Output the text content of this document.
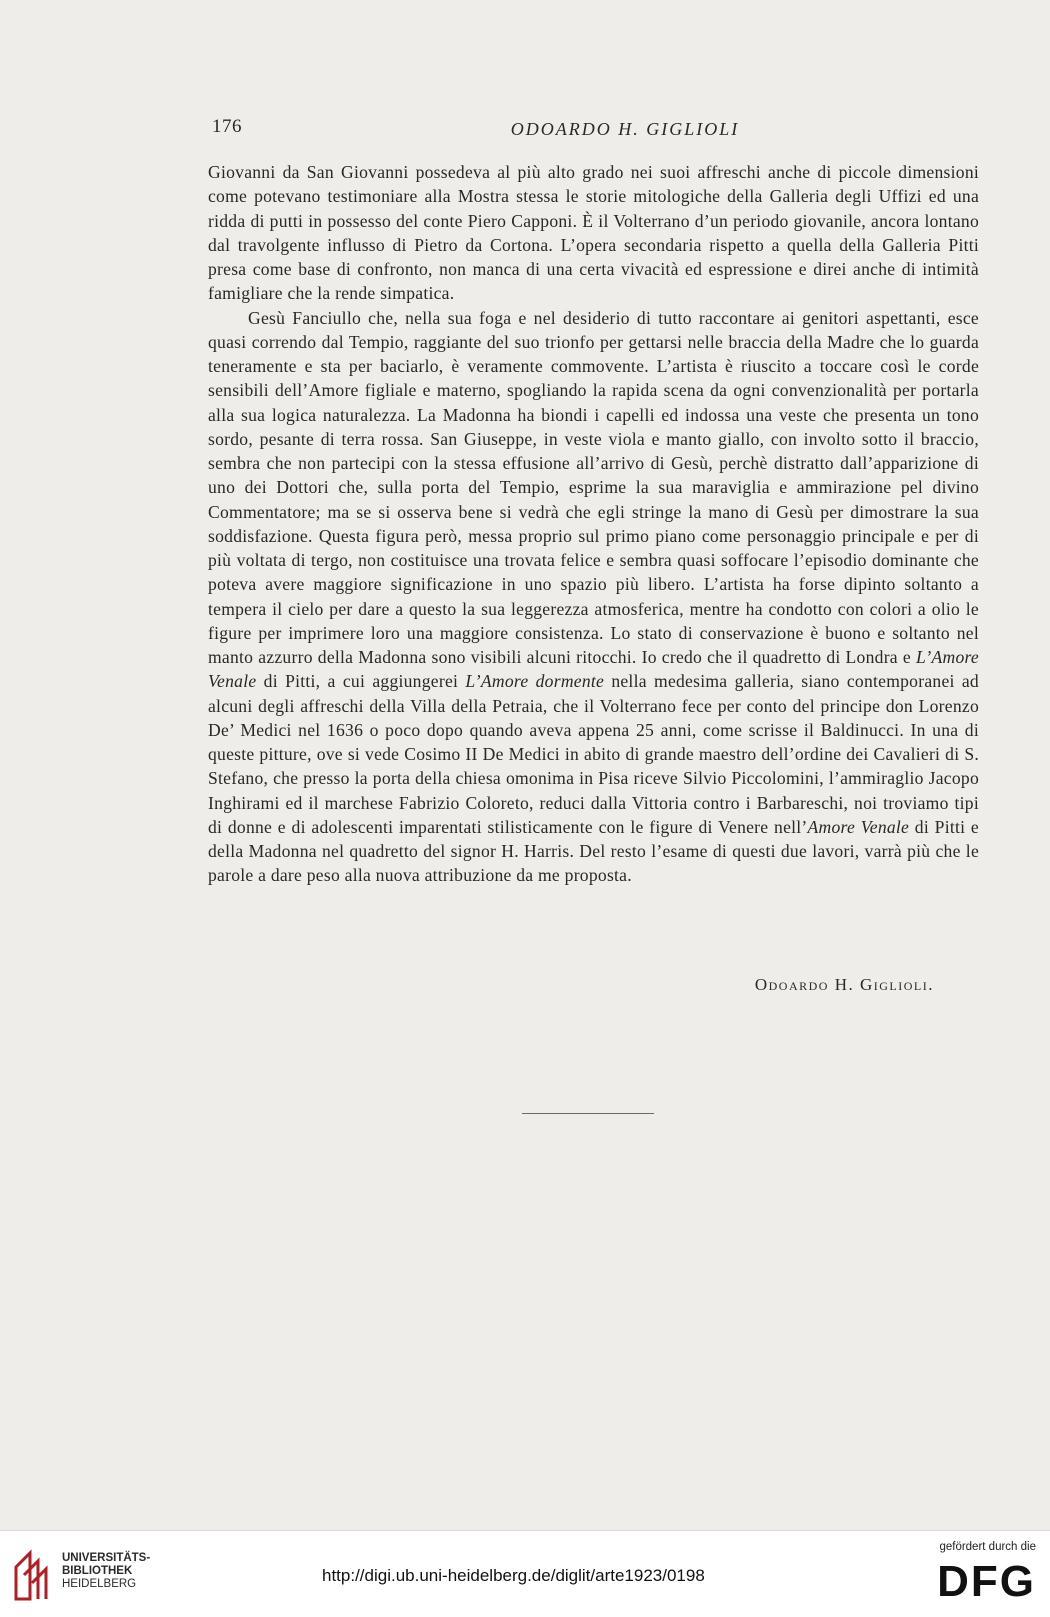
176	ODOARDO H. GIGLIOLI

Giovanni da San Giovanni possedeva al più alto grado nei suoi affreschi anche di piccole dimensioni come potevano testimoniare alla Mostra stessa le storie mitologiche della Galleria degli Uffizi ed una ridda di putti in possesso del conte Piero Capponi. È il Volterrano d’un periodo giovanile, ancora lontano dal travolgente influsso di Pietro da Cortona. L’opera secondaria rispetto a quella della Galleria Pitti presa come base di confronto, non manca di una certa vivacità ed espressione e direi anche di intimità famigliare che la rende simpatica.

Gesù Fanciullo che, nella sua foga e nel desiderio di tutto raccontare ai genitori aspettanti, esce quasi correndo dal Tempio, raggiante del suo trionfo per gettarsi nelle braccia della Madre che lo guarda teneramente e sta per baciarlo, è veramente commovente. L’artista è riuscito a toccare così le corde sensibili dell’Amore figliale e materno, spogliando la rapida scena da ogni convenzionalità per portarla alla sua logica naturalezza. La Madonna ha biondi i capelli ed indossa una veste che presenta un tono sordo, pesante di terra rossa. San Giuseppe, in veste viola e manto giallo, con involto sotto il braccio, sembra che non partecipi con la stessa effusione all’arrivo di Gesù, perchè distratto dall’apparizione di uno dei Dottori che, sulla porta del Tempio, esprime la sua maraviglia e ammirazione pel divino Commentatore; ma se si osserva bene si vedrà che egli stringe la mano di Gesù per dimostrare la sua soddisfazione. Questa figura però, messa proprio sul primo piano come personaggio principale e per di più voltata di tergo, non costituisce una trovata felice e sembra quasi soffocare l’episodio dominante che poteva avere maggiore significazione in uno spazio più libero. L’artista ha forse dipinto soltanto a tempera il cielo per dare a questo la sua leggerezza atmosferica, mentre ha condotto con colori a olio le figure per imprimere loro una maggiore consistenza. Lo stato di conservazione è buono e soltanto nel manto azzurro della Madonna sono visibili alcuni ritocchi. Io credo che il quadretto di Londra e L’Amore Venale di Pitti, a cui aggiungerei L’Amore dormente nella medesima galleria, siano contemporanei ad alcuni degli affreschi della Villa della Petraia, che il Volterrano fece per conto del principe don Lorenzo De’ Medici nel 1636 o poco dopo quando aveva appena 25 anni, come scrisse il Baldinucci. In una di queste pitture, ove si vede Cosimo II De Medici in abito di grande maestro dell’ordine dei Cavalieri di S. Stefano, che presso la porta della chiesa omonima in Pisa riceve Silvio Piccolomini, l’ammiraglio Jacopo Inghirami ed il marchese Fabrizio Coloreto, reduci dalla Vittoria contro i Barbareschi, noi troviamo tipi di donne e di adolescenti imparentati stilisticamente con le figure di Venere nell’Amore Venale di Pitti e della Madonna nel quadretto del signor H. Harris. Del resto l’esame di questi due lavori, varrà più che le parole a dare peso alla nuova attribuzione da me proposta.

Odoardo H. Giglioli.
UNIVERSITÄTS-
BIBLIOTHEK
HEIDELBERG	http://digi.ub.uni-heidelberg.de/diglit/arte1923/0198
gefördert durch die
DFG
